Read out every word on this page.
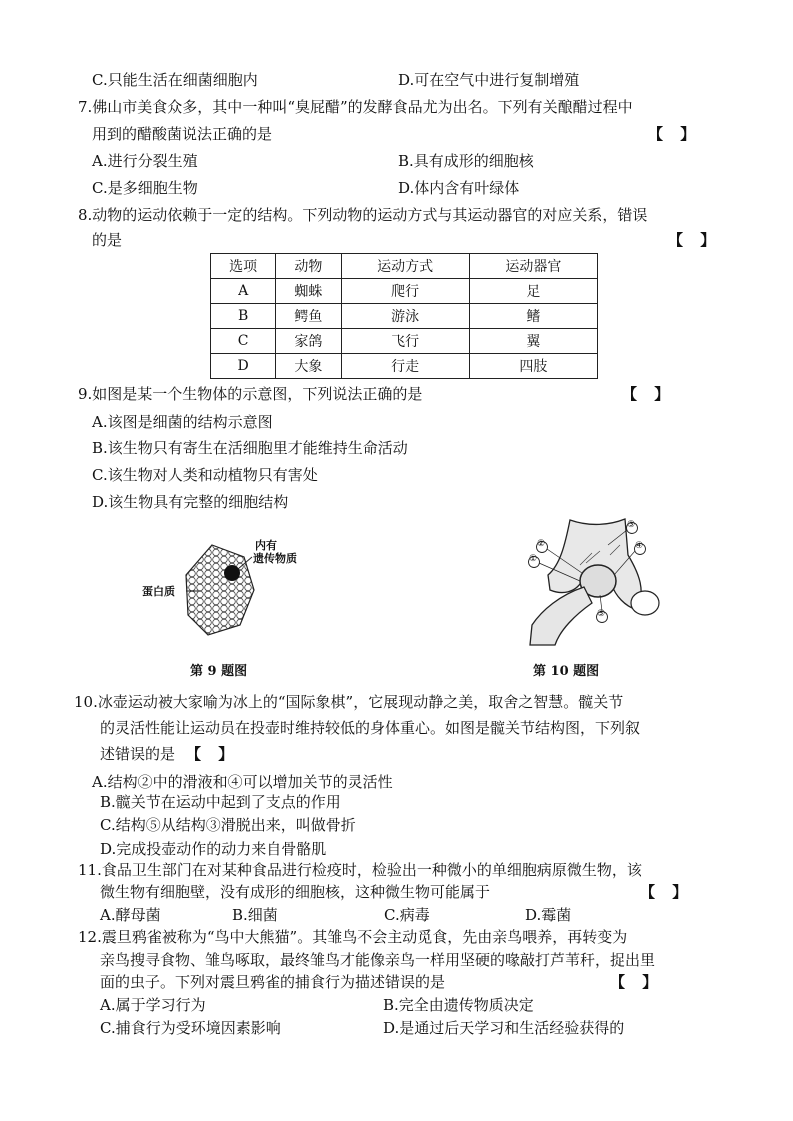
C.只能生活在细菌细胞内	D.可在空气中进行复制增殖
7.佛山市美食众多，其中一种叫“臭屁醋”的发酵食品尤为出名。下列有关酿醋过程中
用到的醋酸菌说法正确的是	【 】
A.进行分裂生殖	B.具有成形的细胞核
C.是多细胞生物	D.体内含有叶绿体
8.动物的运动依赖于一定的结构。下列动物的运动方式与其运动器官的对应关系，错误
的是	【 】
选项	动物	运动方式	运动器官
A	蜘蛛	爬行	足
B	鳄鱼	游泳	鳍
C	家鸽	飞行	翼
D	大象	行走	四肢
9.如图是某一个生物体的示意图，下列说法正确的是	【 】
A.该图是细菌的结构示意图
B.该生物只有寄生在活细胞里才能维持生命活动
C.该生物对人类和动植物只有害处
D.该生物具有完整的细胞结构
蛋白质
内有
遗传物质
第 9 题图
③
②
①
④
⑤
第 10 题图
10.冰壶运动被大家喻为冰上的“国际象棋”，它展现动静之美，取舍之智慧。髋关节
的灵活性能让运动员在投壶时维持较低的身体重心。如图是髋关节结构图，下列叙
述错误的是 【 】
A.结构②中的滑液和④可以增加关节的灵活性
B.髋关节在运动中起到了支点的作用
C.结构⑤从结构③滑脱出来，叫做骨折
D.完成投壶动作的动力来自骨骼肌
11.食品卫生部门在对某种食品进行检疫时，检验出一种微小的单细胞病原微生物，该
微生物有细胞壁，没有成形的细胞核，这种微生物可能属于	【 】
A.酵母菌	B.细菌	C.病毒	D.霉菌
12.震旦鸦雀被称为“鸟中大熊猫”。其雏鸟不会主动觅食，先由亲鸟喂养，再转变为
亲鸟搜寻食物、雏鸟啄取，最终雏鸟才能像亲鸟一样用坚硬的喙敲打芦苇秆，捉出里
面的虫子。下列对震旦鸦雀的捕食行为描述错误的是	【 】
A.属于学习行为	B.完全由遗传物质决定
C.捕食行为受环境因素影响	D.是通过后天学习和生活经验获得的
